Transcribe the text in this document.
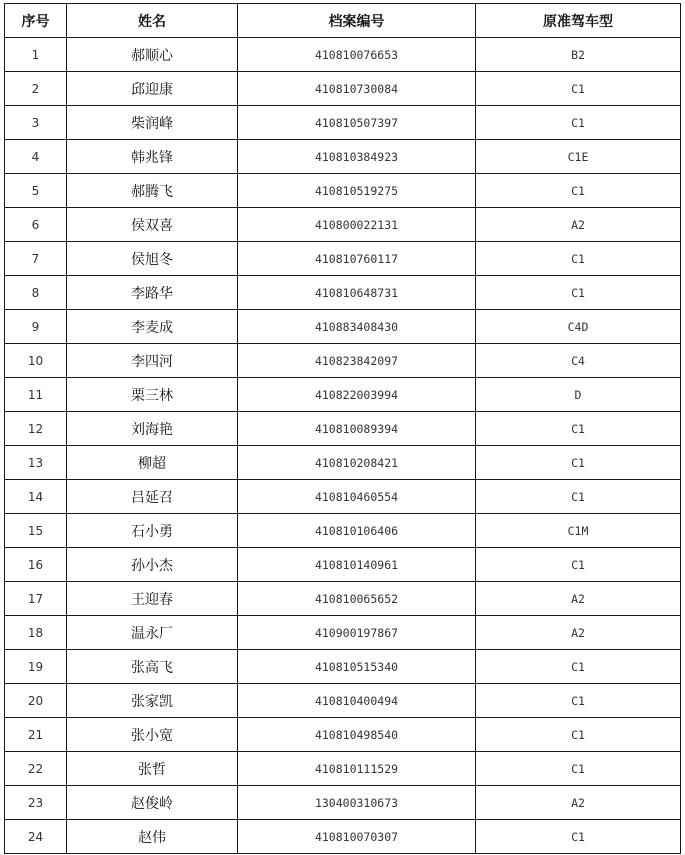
序号	姓名	档案编号	原准驾车型
1	郝顺心	410810076653	B2
2	邱迎康	410810730084	C1
3	柴润峰	410810507397	C1
4	韩兆锋	410810384923	C1E
5	郝腾飞	410810519275	C1
6	侯双喜	410800022131	A2
7	侯旭冬	410810760117	C1
8	李路华	410810648731	C1
9	李麦成	410883408430	C4D
10	李四河	410823842097	C4
11	栗三林	410822003994	D
12	刘海艳	410810089394	C1
13	柳超	410810208421	C1
14	吕延召	410810460554	C1
15	石小勇	410810106406	C1M
16	孙小杰	410810140961	C1
17	王迎春	410810065652	A2
18	温永厂	410900197867	A2
19	张高飞	410810515340	C1
20	张家凯	410810400494	C1
21	张小宽	410810498540	C1
22	张哲	410810111529	C1
23	赵俊岭	130400310673	A2
24	赵伟	410810070307	C1
